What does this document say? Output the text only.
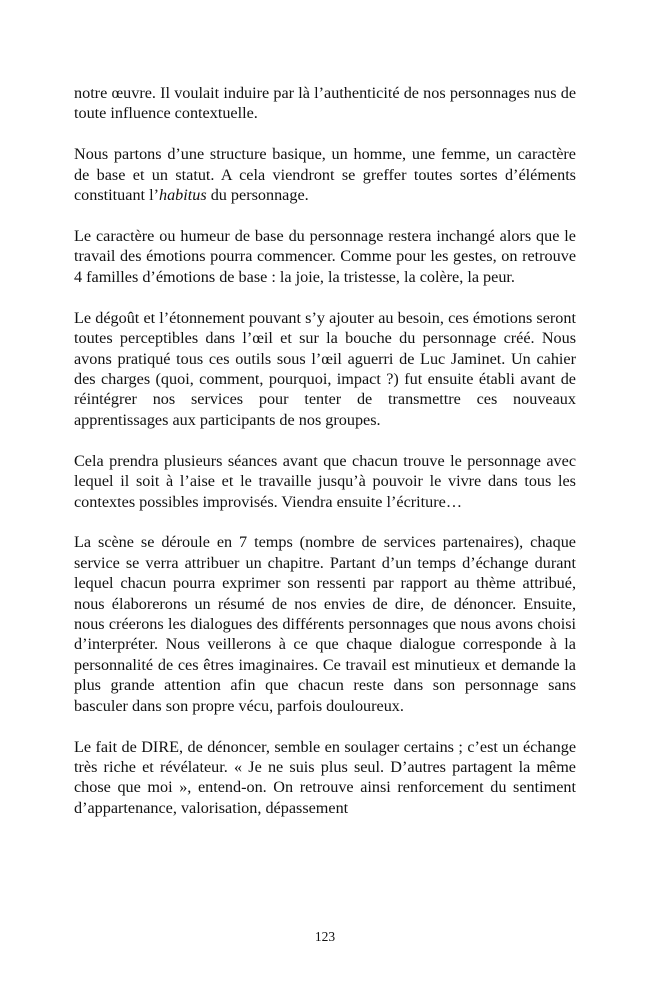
notre œuvre. Il voulait induire par là l’authenticité de nos personnages nus de toute influence contextuelle.

Nous partons d’une structure basique, un homme, une femme, un caractère de base et un statut. A cela viendront se greffer toutes sortes d’éléments constituant l’habitus du personnage.

Le caractère ou humeur de base du personnage restera inchangé alors que le travail des émotions pourra commencer. Comme pour les gestes, on retrouve 4 familles d’émotions de base : la joie, la tristesse, la colère, la peur.

Le dégoût et l’étonnement pouvant s’y ajouter au besoin, ces émotions seront toutes perceptibles dans l’œil et sur la bouche du personnage créé. Nous avons pratiqué tous ces outils sous l’œil aguerri de Luc Jaminet. Un cahier des charges (quoi, comment, pourquoi, impact ?) fut ensuite établi avant de réintégrer nos services pour tenter de transmettre ces nouveaux apprentissages aux participants de nos groupes.

Cela prendra plusieurs séances avant que chacun trouve le personnage avec lequel il soit à l’aise et le travaille jusqu’à pouvoir le vivre dans tous les contextes possibles improvisés. Viendra ensuite l’écriture…

La scène se déroule en 7 temps (nombre de services partenaires), chaque service se verra attribuer un chapitre. Partant d’un temps d’échange durant lequel chacun pourra exprimer son ressenti par rapport au thème attribué, nous élaborerons un résumé de nos envies de dire, de dénoncer. Ensuite, nous créerons les dialogues des différents personnages que nous avons choisi d’interpréter. Nous veillerons à ce que chaque dialogue corresponde à la personnalité de ces êtres imaginaires. Ce travail est minutieux et demande la plus grande attention afin que chacun reste dans son personnage sans basculer dans son propre vécu, parfois douloureux.

Le fait de DIRE, de dénoncer, semble en soulager certains ; c’est un échange très riche et révélateur. « Je ne suis plus seul. D’autres partagent la même chose que moi », entend-on. On retrouve ainsi renforcement du sentiment d’appartenance, valorisation, dépassement

123
